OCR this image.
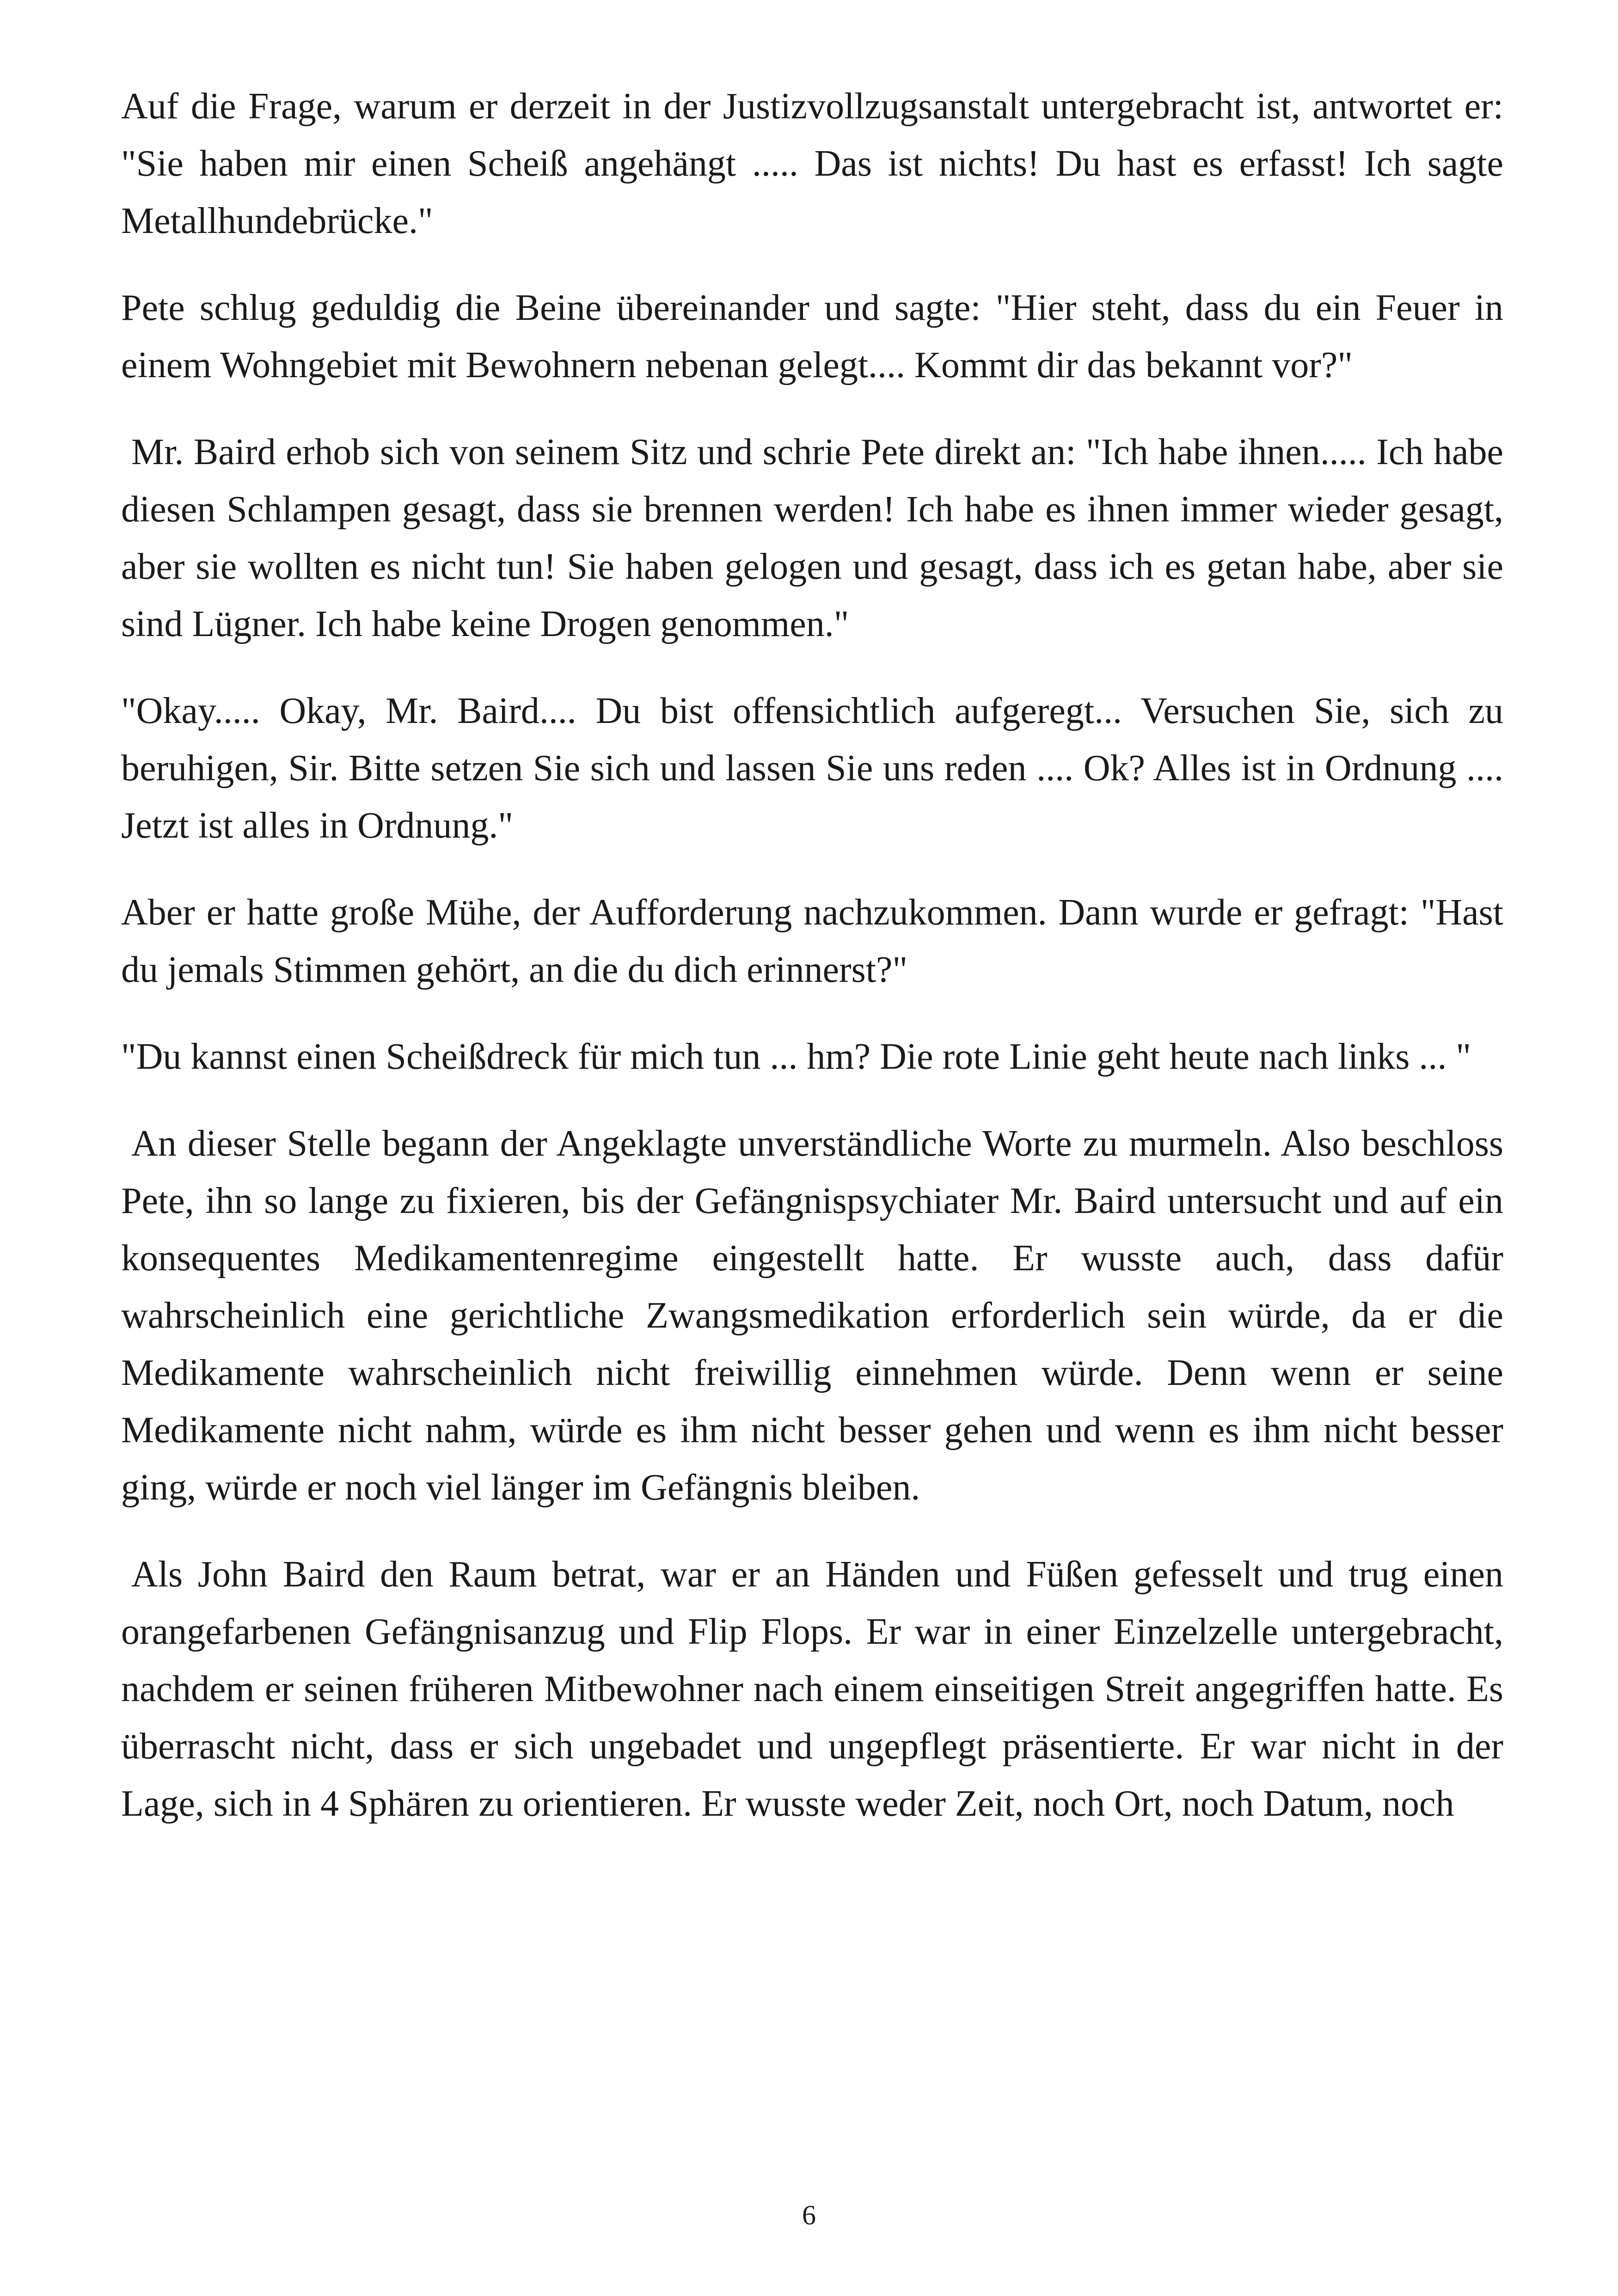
Auf die Frage, warum er derzeit in der Justizvollzugsanstalt untergebracht ist, antwortet er: "Sie haben mir einen Scheiß angehängt ..... Das ist nichts! Du hast es erfasst! Ich sagte Metallhundebrücke."

Pete schlug geduldig die Beine übereinander und sagte: "Hier steht, dass du ein Feuer in einem Wohngebiet mit Bewohnern nebenan gelegt.... Kommt dir das bekannt vor?"

Mr. Baird erhob sich von seinem Sitz und schrie Pete direkt an: "Ich habe ihnen..... Ich habe diesen Schlampen gesagt, dass sie brennen werden! Ich habe es ihnen immer wieder gesagt, aber sie wollten es nicht tun! Sie haben gelogen und gesagt, dass ich es getan habe, aber sie sind Lügner. Ich habe keine Drogen genommen."

"Okay..... Okay, Mr. Baird.... Du bist offensichtlich aufgeregt... Versuchen Sie, sich zu beruhigen, Sir. Bitte setzen Sie sich und lassen Sie uns reden .... Ok? Alles ist in Ordnung .... Jetzt ist alles in Ordnung."

Aber er hatte große Mühe, der Aufforderung nachzukommen. Dann wurde er gefragt: "Hast du jemals Stimmen gehört, an die du dich erinnerst?"

"Du kannst einen Scheißdreck für mich tun ... hm? Die rote Linie geht heute nach links ... "

An dieser Stelle begann der Angeklagte unverständliche Worte zu murmeln. Also beschloss Pete, ihn so lange zu fixieren, bis der Gefängnispsychiater Mr. Baird untersucht und auf ein konsequentes Medikamentenregime eingestellt hatte. Er wusste auch, dass dafür wahrscheinlich eine gerichtliche Zwangsmedikation erforderlich sein würde, da er die Medikamente wahrscheinlich nicht freiwillig einnehmen würde. Denn wenn er seine Medikamente nicht nahm, würde es ihm nicht besser gehen und wenn es ihm nicht besser ging, würde er noch viel länger im Gefängnis bleiben.

Als John Baird den Raum betrat, war er an Händen und Füßen gefesselt und trug einen orangefarbenen Gefängnisanzug und Flip Flops. Er war in einer Einzelzelle untergebracht, nachdem er seinen früheren Mitbewohner nach einem einseitigen Streit angegriffen hatte. Es überrascht nicht, dass er sich ungebadet und ungepflegt präsentierte. Er war nicht in der Lage, sich in 4 Sphären zu orientieren. Er wusste weder Zeit, noch Ort, noch Datum, noch

6
